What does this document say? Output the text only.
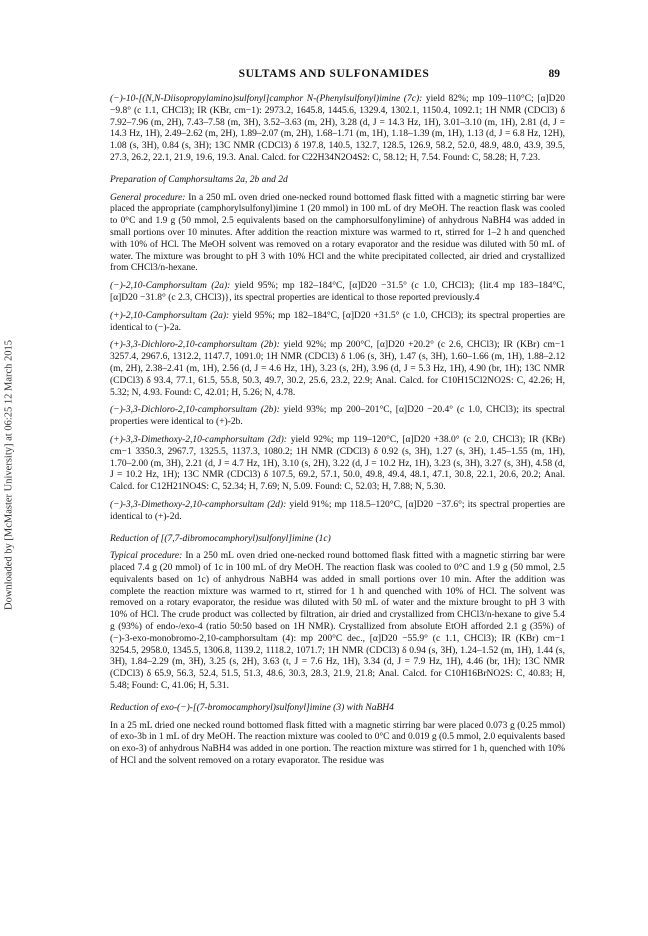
Downloaded by [McMaster University] at 06:25 12 March 2015
SULTAMS AND SULFONAMIDES	89

(−)-10-[(N,N-Diisopropylamino)sulfonyl]camphor N-(Phenylsulfonyl)imine (7c): yield 82%; mp 109–110°C; [α]D20 −9.8° (c 1.1, CHCl3); IR (KBr, cm−1): 2973.2, 1645.8, 1445.6, 1329.4, 1302.1, 1150.4, 1092.1; 1H NMR (CDCl3) δ 7.92–7.96 (m, 2H), 7.43–7.58 (m, 3H), 3.52–3.63 (m, 2H), 3.28 (d, J = 14.3 Hz, 1H), 3.01–3.10 (m, 1H), 2.81 (d, J = 14.3 Hz, 1H), 2.49–2.62 (m, 2H), 1.89–2.07 (m, 2H), 1.68–1.71 (m, 1H), 1.18–1.39 (m, 1H), 1.13 (d, J = 6.8 Hz, 12H), 1.08 (s, 3H), 0.84 (s, 3H); 13C NMR (CDCl3) δ 197.8, 140.5, 132.7, 128.5, 126.9, 58.2, 52.0, 48.9, 48.0, 43.9, 39.5, 27.3, 26.2, 22.1, 21.9, 19.6, 19.3. Anal. Calcd. for C22H34N2O4S2: C, 58.12; H, 7.54. Found: C, 58.28; H, 7.23.

Preparation of Camphorsultams 2a, 2b and 2d

General procedure: In a 250 mL oven dried one-necked round bottomed flask fitted with a magnetic stirring bar were placed the appropriate (camphorylsulfonyl)imine 1 (20 mmol) in 100 mL of dry MeOH. The reaction flask was cooled to 0°C and 1.9 g (50 mmol, 2.5 equivalents based on the camphorsulfonylimine) of anhydrous NaBH4 was added in small portions over 10 minutes. After addition the reaction mixture was warmed to rt, stirred for 1–2 h and quenched with 10% of HCl. The MeOH solvent was removed on a rotary evaporator and the residue was diluted with 50 mL of water. The mixture was brought to pH 3 with 10% HCl and the white precipitated collected, air dried and crystallized from CHCl3/n-hexane.

(−)-2,10-Camphorsultam (2a): yield 95%; mp 182–184°C, [α]D20 −31.5° (c 1.0, CHCl3); {lit.4 mp 183–184°C, [α]D20 −31.8° (c 2.3, CHCl3)}, its spectral properties are identical to those reported previously.4

(+)-2,10-Camphorsultam (2a): yield 95%; mp 182–184°C, [α]D20 +31.5° (c 1.0, CHCl3); its spectral properties are identical to (−)-2a.

(+)-3,3-Dichloro-2,10-camphorsultam (2b): yield 92%; mp 200°C, [α]D20 +20.2° (c 2.6, CHCl3); IR (KBr) cm−1 3257.4, 2967.6, 1312.2, 1147.7, 1091.0; 1H NMR (CDCl3) δ 1.06 (s, 3H), 1.47 (s, 3H), 1.60–1.66 (m, 1H), 1.88–2.12 (m, 2H), 2.38–2.41 (m, 1H), 2.56 (d, J = 4.6 Hz, 1H), 3.23 (s, 2H), 3.96 (d, J = 5.3 Hz, 1H), 4.90 (br, 1H); 13C NMR (CDCl3) δ 93.4, 77.1, 61.5, 55.8, 50.3, 49.7, 30.2, 25.6, 23.2, 22.9; Anal. Calcd. for C10H15Cl2NO2S: C, 42.26; H, 5.32; N, 4.93. Found: C, 42.01; H, 5.26; N, 4.78.

(−)-3,3-Dichloro-2,10-camphorsultam (2b): yield 93%; mp 200–201°C, [α]D20 −20.4° (c 1.0, CHCl3); its spectral properties were identical to (+)-2b.

(+)-3,3-Dimethoxy-2,10-camphorsultam (2d): yield 92%; mp 119–120°C, [α]D20 +38.0° (c 2.0, CHCl3); IR (KBr) cm−1 3350.3, 2967.7, 1325.5, 1137.3, 1080.2; 1H NMR (CDCl3) δ 0.92 (s, 3H), 1.27 (s, 3H), 1.45–1.55 (m, 1H), 1.70–2.00 (m, 3H), 2.21 (d, J = 4.7 Hz, 1H), 3.10 (s, 2H), 3.22 (d, J = 10.2 Hz, 1H), 3.23 (s, 3H), 3.27 (s, 3H), 4.58 (d, J = 10.2 Hz, 1H); 13C NMR (CDCl3) δ 107.5, 69.2, 57.1, 50.0, 49.8, 49.4, 48.1, 47.1, 30.8, 22.1, 20.6, 20.2; Anal. Calcd. for C12H21NO4S: C, 52.34; H, 7.69; N, 5.09. Found: C, 52.03; H, 7.88; N, 5.30.

(−)-3,3-Dimethoxy-2,10-camphorsultam (2d): yield 91%; mp 118.5–120°C, [α]D20 −37.6°; its spectral properties are identical to (+)-2d.

Reduction of [(7,7-dibromocamphoryl)sulfonyl]imine (1c)

Typical procedure: In a 250 mL oven dried one-necked round bottomed flask fitted with a magnetic stirring bar were placed 7.4 g (20 mmol) of 1c in 100 mL of dry MeOH. The reaction flask was cooled to 0°C and 1.9 g (50 mmol, 2.5 equivalents based on 1c) of anhydrous NaBH4 was added in small portions over 10 min. After the addition was complete the reaction mixture was warmed to rt, stirred for 1 h and quenched with 10% of HCl. The solvent was removed on a rotary evaporator, the residue was diluted with 50 mL of water and the mixture brought to pH 3 with 10% of HCl. The crude product was collected by filtration, air dried and crystallized from CHCl3/n-hexane to give 5.4 g (93%) of endo-/exo-4 (ratio 50:50 based on 1H NMR). Crystallized from absolute EtOH afforded 2.1 g (35%) of (−)-3-exo-monobromo-2,10-camphorsultam (4): mp 200°C dec., [α]D20 −55.9° (c 1.1, CHCl3); IR (KBr) cm−1 3254.5, 2958.0, 1345.5, 1306.8, 1139.2, 1118.2, 1071.7; 1H NMR (CDCl3) δ 0.94 (s, 3H), 1.24–1.52 (m, 1H), 1.44 (s, 3H), 1.84–2.29 (m, 3H), 3.25 (s, 2H), 3.63 (t, J = 7.6 Hz, 1H), 3.34 (d, J = 7.9 Hz, 1H), 4.46 (br, 1H); 13C NMR (CDCl3) δ 65.9, 56.3, 52.4, 51.5, 51.3, 48.6, 30.3, 28.3, 21.9, 21.8; Anal. Calcd. for C10H16BrNO2S: C, 40.83; H, 5.48; Found: C, 41.06; H, 5.31.

Reduction of exo-(−)-[(7-bromocamphoryl)sulfonyl]imine (3) with NaBH4

In a 25 mL dried one necked round bottomed flask fitted with a magnetic stirring bar were placed 0.073 g (0.25 mmol) of exo-3b in 1 mL of dry MeOH. The reaction mixture was cooled to 0°C and 0.019 g (0.5 mmol, 2.0 equivalents based on exo-3) of anhydrous NaBH4 was added in one portion. The reaction mixture was stirred for 1 h, quenched with 10% of HCl and the solvent removed on a rotary evaporator. The residue was
